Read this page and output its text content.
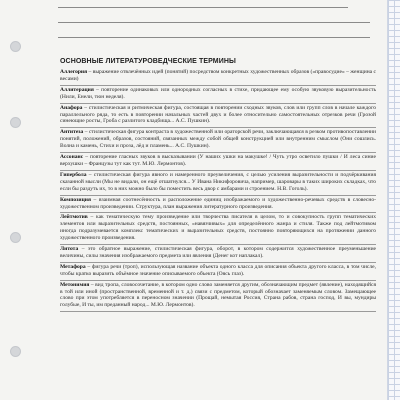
ОСНОВНЫЕ ЛИТЕРАТУРОВЕДЧЕСКИЕ ТЕРМИНЫ
Аллегория – выражение отвлечённых идей (понятий) посредством конкретных художественных образов («правосудие» – женщина с весами)
Аллитерация – повторение одинаковых или однородных согласных в стихе, придающее ему особую звуковую выразительность (Нили, Енели, тюн неделя).
Анафора – стилистическая и ритмическая фигура, состоящая в повторении сходных звуков, слов или групп слов в начале каждого параллельного ряда, то есть в повторении начальных частей двух и более относительно самостоятельных отрезков речи (Грозой синеющие росты, Гроба с разлитого кладбища... А.С. Пушкин).
Антитеза – стилистическая фигура контраста в художественной или ораторской речи, заключающаяся в резком противопоставлении понятий, положений, образов, состояний, связанных между собой общей конструкцией или внутренним смыслом (Они сошлись. Волна и камень, Стихи и проза, лёд и пламень... А.С. Пушкин).
Ассонанс – повторение гласных звуков в высказывании (У наших ушки на макушке! / Чуть утро осветило пушки / И леса синие верхушки – Французы тут как тут. М.Ю. Лермонтов).
Гипербола – стилистическая фигура явного и намеренного преувеличения, с целью усиления выразительности и подчёркивания сказанной мысли (Мы не видали, он ещё отшатнулся... У Ивана Никифоровича, например, шаровары в таких широких складках, что если бы раздуть их, то в них можно было бы поместить весь двор с амбарами и строением. Н.В. Гоголь).
Композиция – взаимная соотнесённость и расположение единиц изображаемого и художественно-речевых средств в словесно-художественном произведении. Структура, план выражения литературного произведения.
Лейтмотив – как тематическую тему произведение или творчества писателя в целом, то и совокупность групп тематических элементов или выразительных средств, постоянных, «навязчивых» для определённого жанра и стиля. Также под лейтмотивом иногда подразумевается комплекс тематических и выразительных средств, постоянно повторяющихся на протяжении данного художественного произведения.
Литота – это обратное выражение, стилистическая фигура, оборот, в котором содержится художественное преуменьшение величины, силы значения изображаемого предмета или явления (Денег кот наплакал).
Метафора – фигура речи (троп), использующая название объекта одного класса для описания объекта другого класса, в том числе, чтобы кратко выразить объёмное значение описываемого объекта (Оясь глаз).
Метонимия – вид тропа, словосочетание, в котором одно слово заменяется другим, обозначающим предмет (явление), находящийся в той или иной (пространственной, временной и т. д.) связи с предметом, который обозначает заменяемым словом. Замещающее слово при этом употребляется в переносном значении (Прощай, немытая Россия, Страна рабов, страна господ, И вы, мундиры голубые, И ты, им преданный народ... М.Ю. Лермонтов).
